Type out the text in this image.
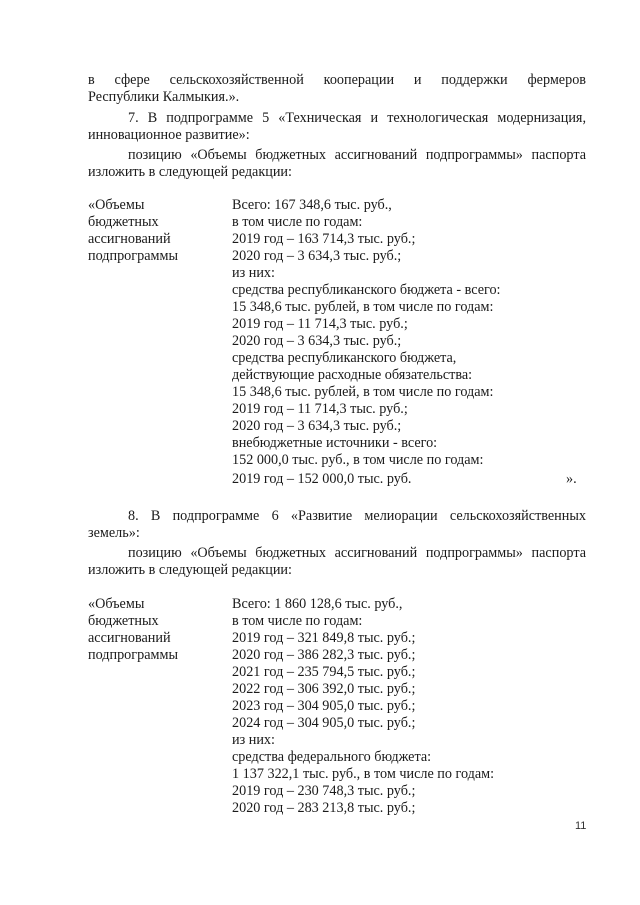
в сфере сельскохозяйственной кооперации и поддержки фермеров
Республики Калмыкия.».
7. В подпрограмме 5 «Техническая и технологическая модернизация,
инновационное развитие»:
позицию «Объемы бюджетных ассигнований подпрограммы» паспорта
изложить в следующей редакции:
«Объемы
бюджетных
ассигнований
подпрограммы
Всего: 167 348,6 тыс. руб.,
в том числе по годам:
2019 год – 163 714,3 тыс. руб.;
2020 год – 3 634,3 тыс. руб.;
из них:
средства республиканского бюджета - всего:
15 348,6 тыс. рублей, в том числе по годам:
2019 год – 11 714,3 тыс. руб.;
2020 год – 3 634,3 тыс. руб.;
средства республиканского бюджета,
действующие расходные обязательства:
15 348,6 тыс. рублей, в том числе по годам:
2019 год – 11 714,3 тыс. руб.;
2020 год – 3 634,3 тыс. руб.;
внебюджетные источники - всего:
152 000,0 тыс. руб., в том числе по годам:
2019 год – 152 000,0 тыс. руб.	».
8. В подпрограмме 6 «Развитие мелиорации сельскохозяйственных
земель»:
позицию «Объемы бюджетных ассигнований подпрограммы» паспорта
изложить в следующей редакции:
«Объемы
бюджетных
ассигнований
подпрограммы
Всего: 1 860 128,6 тыс. руб.,
в том числе по годам:
2019 год – 321 849,8 тыс. руб.;
2020 год – 386 282,3 тыс. руб.;
2021 год – 235 794,5 тыс. руб.;
2022 год – 306 392,0 тыс. руб.;
2023 год – 304 905,0 тыс. руб.;
2024 год – 304 905,0 тыс. руб.;
из них:
средства федерального бюджета:
1 137 322,1 тыс. руб., в том числе по годам:
2019 год – 230 748,3 тыс. руб.;
2020 год – 283 213,8 тыс. руб.;
11
